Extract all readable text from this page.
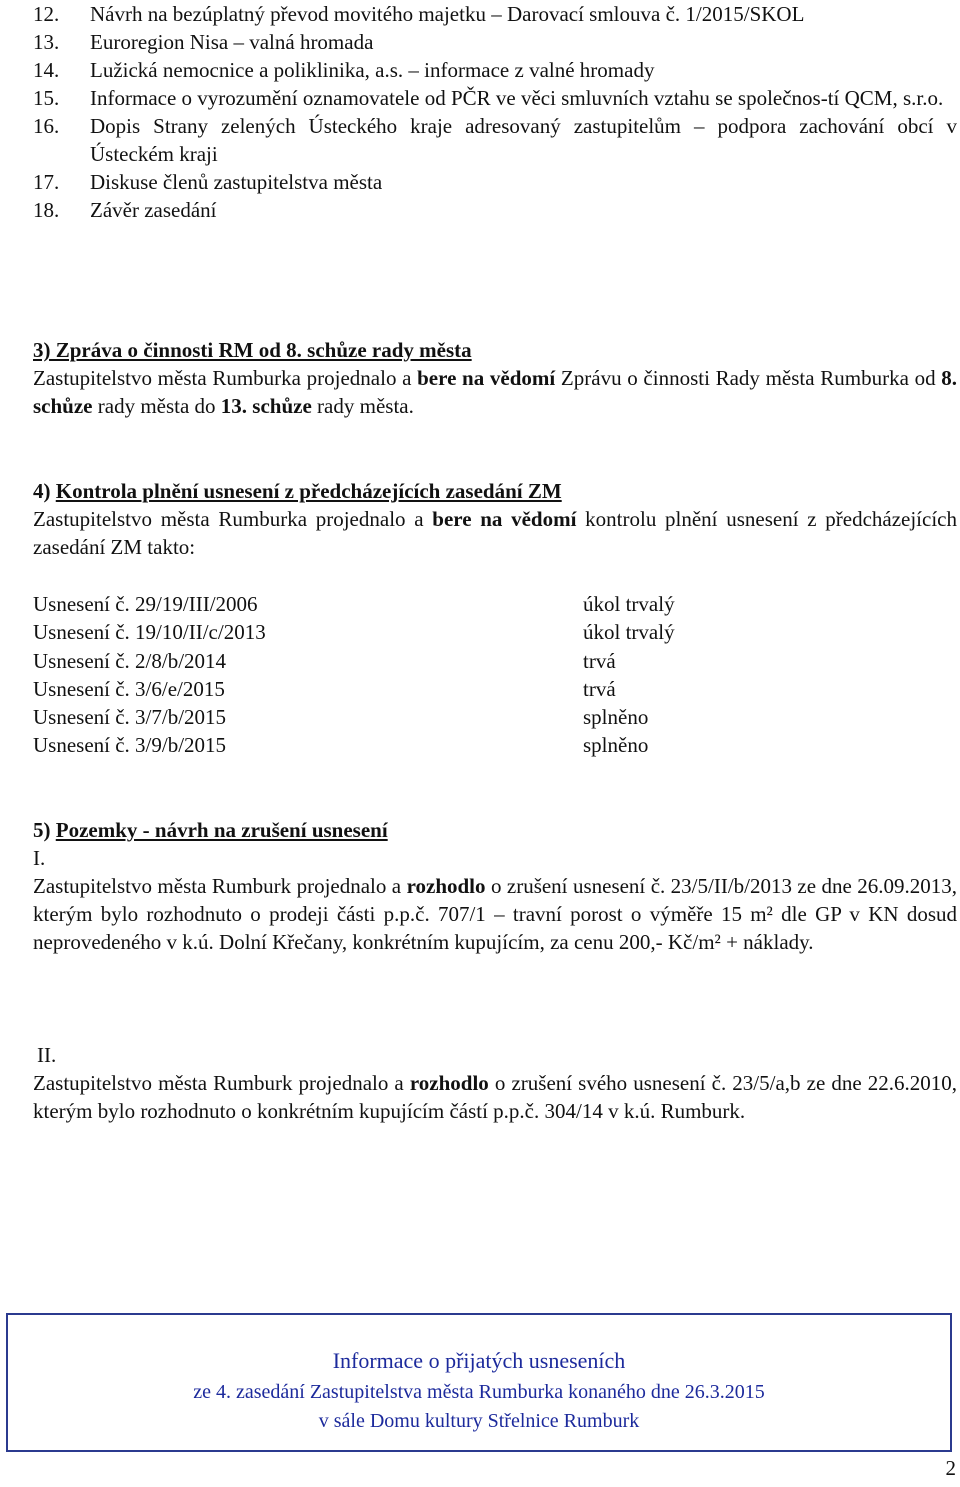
12. Návrh na bezúplatný převod movitého majetku – Darovací smlouva č. 1/2015/SKOL
13. Euroregion Nisa – valná hromada
14. Lužická nemocnice a poliklinika, a.s. – informace z valné hromady
15. Informace o vyrozumění oznamovatele od PČR ve věci smluvních vztahu se společnos-tí QCM, s.r.o.
16. Dopis Strany zelených Ústeckého kraje adresovaný zastupitelům – podpora zachování obcí v Ústeckém kraji
17. Diskuse členů zastupitelstva města
18. Závěr zasedání
3) Zpráva o činnosti RM od 8. schůze rady města

Zastupitelstvo města Rumburka projednalo a bere na vědomí Zprávu o činnosti Rady města Rumburka od 8. schůze rady města do 13. schůze rady města.

4) Kontrola plnění usnesení z předcházejících zasedání ZM

Zastupitelstvo města Rumburka projednalo a bere na vědomí kontrolu plnění usnesení z předcházejících zasedání ZM takto:

Usnesení č. 29/19/III/2006	úkol trvalý
Usnesení č. 19/10/II/c/2013	úkol trvalý
Usnesení č. 2/8/b/2014	trvá
Usnesení č. 3/6/e/2015	trvá
Usnesení č. 3/7/b/2015	splněno
Usnesení č. 3/9/b/2015	splněno
5) Pozemky - návrh na zrušení usnesení
I.

Zastupitelstvo města Rumburk projednalo a rozhodlo o zrušení usnesení č. 23/5/II/b/2013 ze dne 26.09.2013, kterým bylo rozhodnuto o prodeji části p.p.č. 707/1 – travní porost o výměře 15 m² dle GP v KN dosud neprovedeného v k.ú. Dolní Křečany, konkrétním kupujícím, za cenu 200,- Kč/m² + náklady.

II.

Zastupitelstvo města Rumburk projednalo a rozhodlo o zrušení svého usnesení č. 23/5/a,b ze dne 22.6.2010, kterým bylo rozhodnuto o konkrétním kupujícím částí p.p.č. 304/14 v k.ú. Rumburk.

Informace o přijatých usneseních
ze 4. zasedání Zastupitelstva města Rumburka konaného dne 26.3.2015
v sále Domu kultury Střelnice Rumburk
2
